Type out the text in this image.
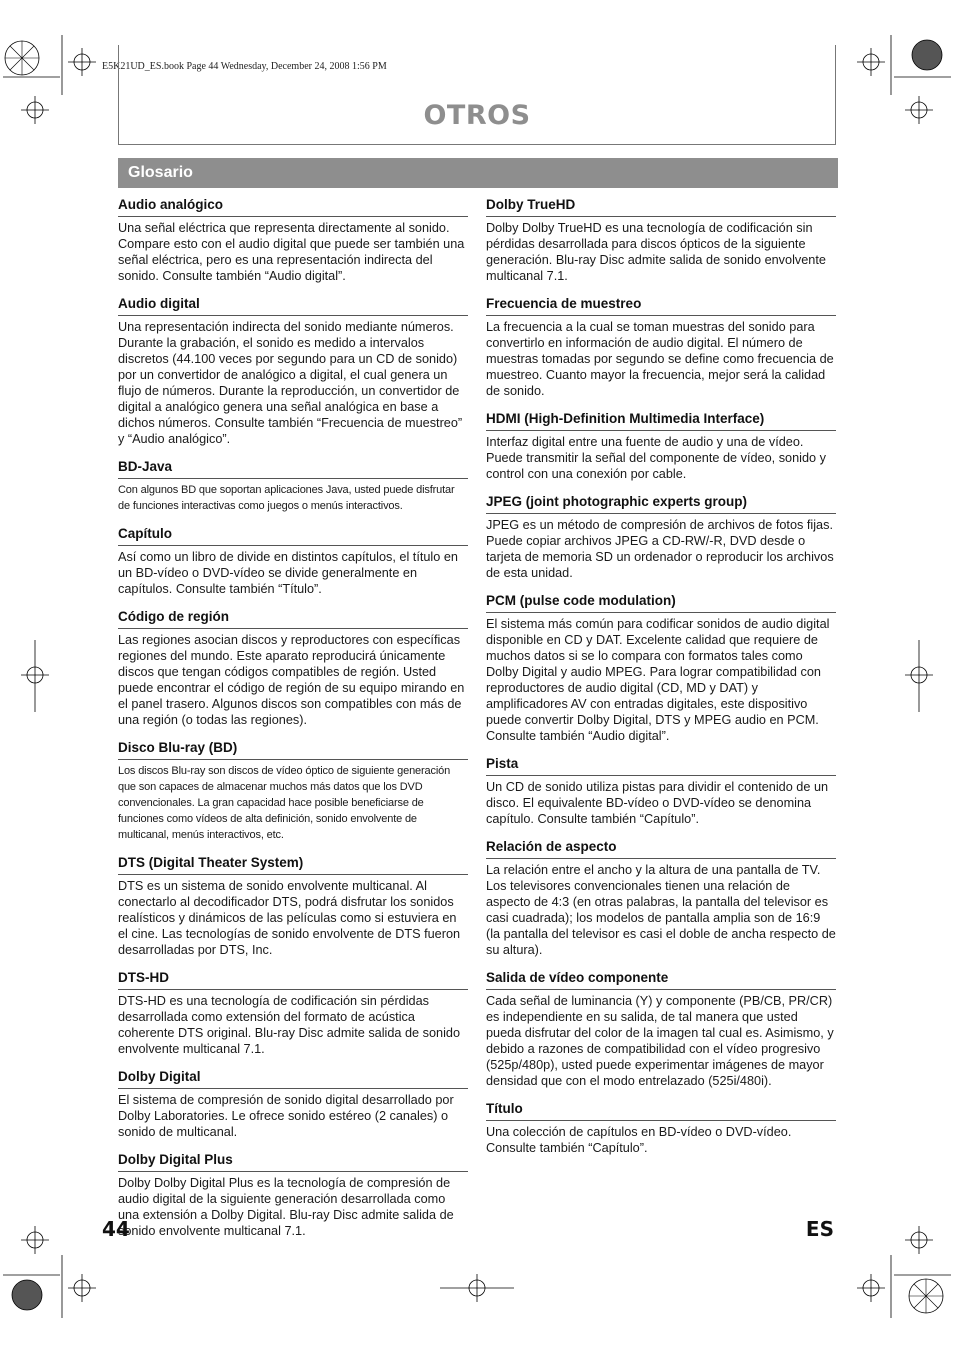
E5K21UD_ES.book Page 44 Wednesday, December 24, 2008 1:56 PM
OTROS
Glosario
Audio analógico
Una señal eléctrica que representa directamente al sonido. Compare esto con el audio digital que puede ser también una señal eléctrica, pero es una representación indirecta del sonido. Consulte también “Audio digital”.
Audio digital
Una representación indirecta del sonido mediante números. Durante la grabación, el sonido es medido a intervalos discretos (44.100 veces por segundo para un CD de sonido) por un convertidor de analógico a digital, el cual genera un flujo de números. Durante la reproducción, un convertidor de digital a analógico genera una señal analógica en base a dichos números. Consulte también “Frecuencia de muestreo” y “Audio analógico”.
BD-Java
Con algunos BD que soportan aplicaciones Java, usted puede disfrutar de funciones interactivas como juegos o menús interactivos.
Capítulo
Así como un libro de divide en distintos capítulos, el título en un BD-vídeo o DVD-vídeo se divide generalmente en capítulos. Consulte también “Título”.
Código de región
Las regiones asocian discos y reproductores con específicas regiones del mundo. Este aparato reproducirá únicamente discos que tengan códigos compatibles de región. Usted puede encontrar el código de región de su equipo mirando en el panel trasero. Algunos discos son compatibles con más de una región (o todas las regiones).
Disco Blu-ray (BD)
Los discos Blu-ray son discos de vídeo óptico de siguiente generación que son capaces de almacenar muchos más datos que los DVD convencionales. La gran capacidad hace posible beneficiarse de funciones como vídeos de alta definición, sonido envolvente de multicanal, menús interactivos, etc.
DTS (Digital Theater System)
DTS es un sistema de sonido envolvente multicanal. Al conectarlo al decodificador DTS, podrá disfrutar los sonidos realísticos y dinámicos de las películas como si estuviera en el cine. Las tecnologías de sonido envolvente de DTS fueron desarrolladas por DTS, Inc.
DTS-HD
DTS-HD es una tecnología de codificación sin pérdidas desarrollada como extensión del formato de acústica coherente DTS original. Blu-ray Disc admite salida de sonido envolvente multicanal 7.1.
Dolby Digital
El sistema de compresión de sonido digital desarrollado por Dolby Laboratories. Le ofrece sonido estéreo (2 canales) o sonido de multicanal.
Dolby Digital Plus
Dolby Dolby Digital Plus es la tecnología de compresión de audio digital de la siguiente generación desarrollada como una extensión a Dolby Digital. Blu-ray Disc admite salida de sonido envolvente multicanal 7.1.
Dolby TrueHD
Dolby Dolby TrueHD es una tecnología de codificación sin pérdidas desarrollada para discos ópticos de la siguiente generación. Blu-ray Disc admite salida de sonido envolvente multicanal 7.1.
Frecuencia de muestreo
La frecuencia a la cual se toman muestras del sonido para convertirlo en información de audio digital. El número de muestras tomadas por segundo se define como frecuencia de muestreo. Cuanto mayor la frecuencia, mejor será la calidad de sonido.
HDMI (High-Definition Multimedia Interface)
Interfaz digital entre una fuente de audio y una de vídeo. Puede transmitir la señal del componente de vídeo, sonido y control con una conexión por cable.
JPEG (joint photographic experts group)
JPEG es un método de compresión de archivos de fotos fijas. Puede copiar archivos JPEG a CD-RW/-R, DVD desde o tarjeta de memoria SD un ordenador o reproducir los archivos de esta unidad.
PCM (pulse code modulation)
El sistema más común para codificar sonidos de audio digital disponible en CD y DAT. Excelente calidad que requiere de muchos datos si se lo compara con formatos tales como Dolby Digital y audio MPEG. Para lograr compatibilidad con reproductores de audio digital (CD, MD y DAT) y amplificadores AV con entradas digitales, este dispositivo puede convertir Dolby Digital, DTS y MPEG audio en PCM. Consulte también “Audio digital”.
Pista
Un CD de sonido utiliza pistas para dividir el contenido de un disco. El equivalente BD-vídeo o DVD-vídeo se denomina capítulo. Consulte también “Capítulo”.
Relación de aspecto
La relación entre el ancho y la altura de una pantalla de TV. Los televisores convencionales tienen una relación de aspecto de 4:3 (en otras palabras, la pantalla del televisor es casi cuadrada); los modelos de pantalla amplia son de 16:9 (la pantalla del televisor es casi el doble de ancha respecto de su altura).
Salida de vídeo componente
Cada señal de luminancia (Y) y componente (PB/CB, PR/CR) es independiente en su salida, de tal manera que usted pueda disfrutar del color de la imagen tal cual es. Asimismo, y debido a razones de compatibilidad con el vídeo progresivo (525p/480p), usted puede experimentar imágenes de mayor densidad que con el modo entrelazado (525i/480i).
Título
Una colección de capítulos en BD-vídeo o DVD-vídeo. Consulte también “Capítulo”.
44	ES
